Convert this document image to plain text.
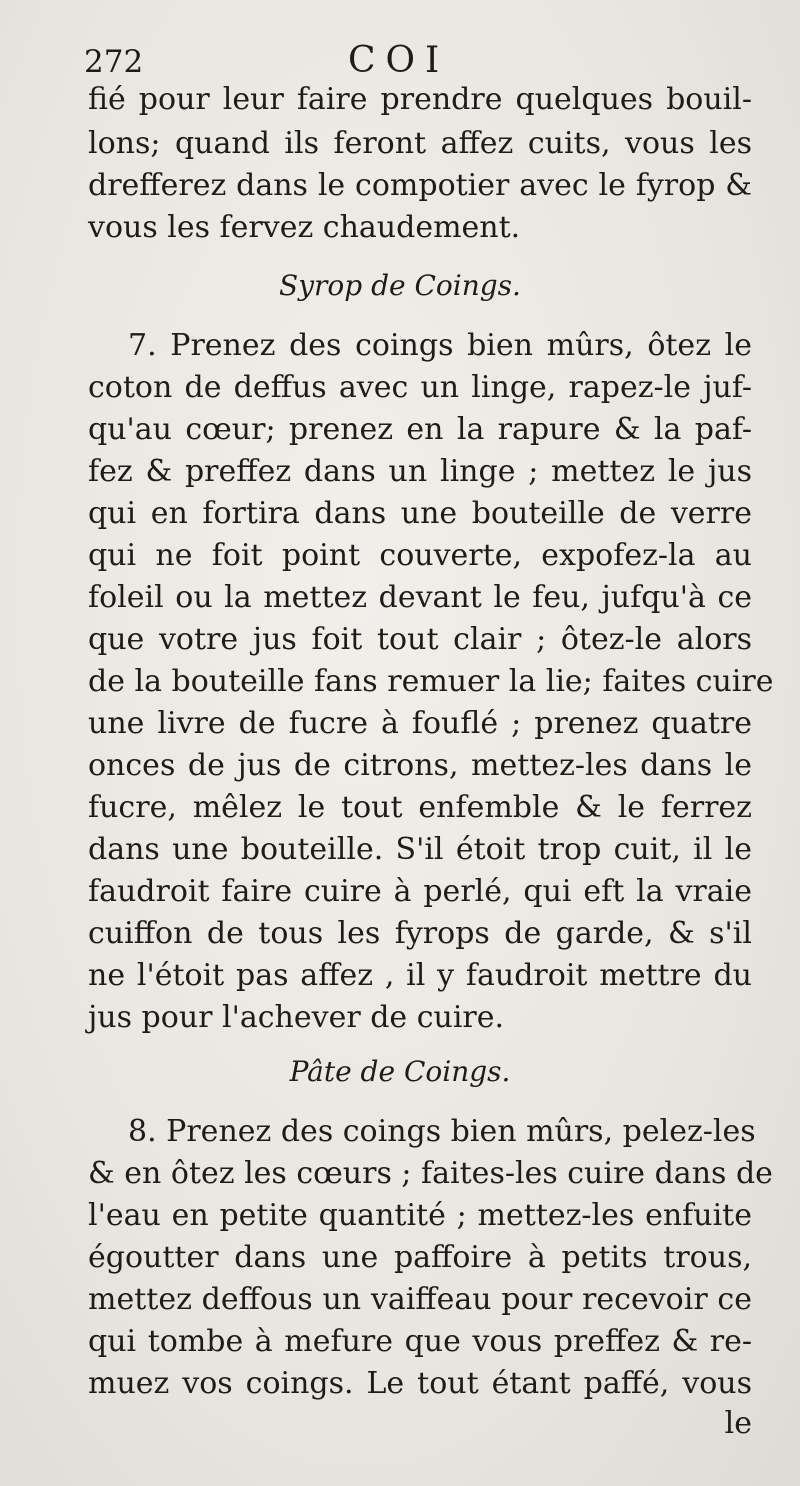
272	COI
fié pour leur faire prendre quelques bouil-
lons; quand ils feront affez cuits, vous les
drefferez dans le compotier avec le fyrop &
vous les fervez chaudement.
Syrop de Coings.
7. Prenez des coings bien mûrs, ôtez le
coton de deffus avec un linge, rapez-le juf-
qu'au cœur; prenez en la rapure & la paf-
fez & preffez dans un linge ; mettez le jus
qui en fortira dans une bouteille de verre
qui ne foit point couverte, expofez-la au
foleil ou la mettez devant le feu, jufqu'à ce
que votre jus foit tout clair ; ôtez-le alors
de la bouteille fans remuer la lie; faites cuire
une livre de fucre à fouflé ; prenez quatre
onces de jus de citrons, mettez-les dans le
fucre, mêlez le tout enfemble & le ferrez
dans une bouteille. S'il étoit trop cuit, il le
faudroit faire cuire à perlé, qui eft la vraie
cuiffon de tous les fyrops de garde, & s'il
ne l'étoit pas affez , il y faudroit mettre du
jus pour l'achever de cuire.
Pâte de Coings.
8. Prenez des coings bien mûrs, pelez-les
& en ôtez les cœurs ; faites-les cuire dans de
l'eau en petite quantité ; mettez-les enfuite
égoutter dans une paffoire à petits trous,
mettez deffous un vaiffeau pour recevoir ce
qui tombe à mefure que vous preffez & re-
muez vos coings. Le tout étant paffé, vous
le
